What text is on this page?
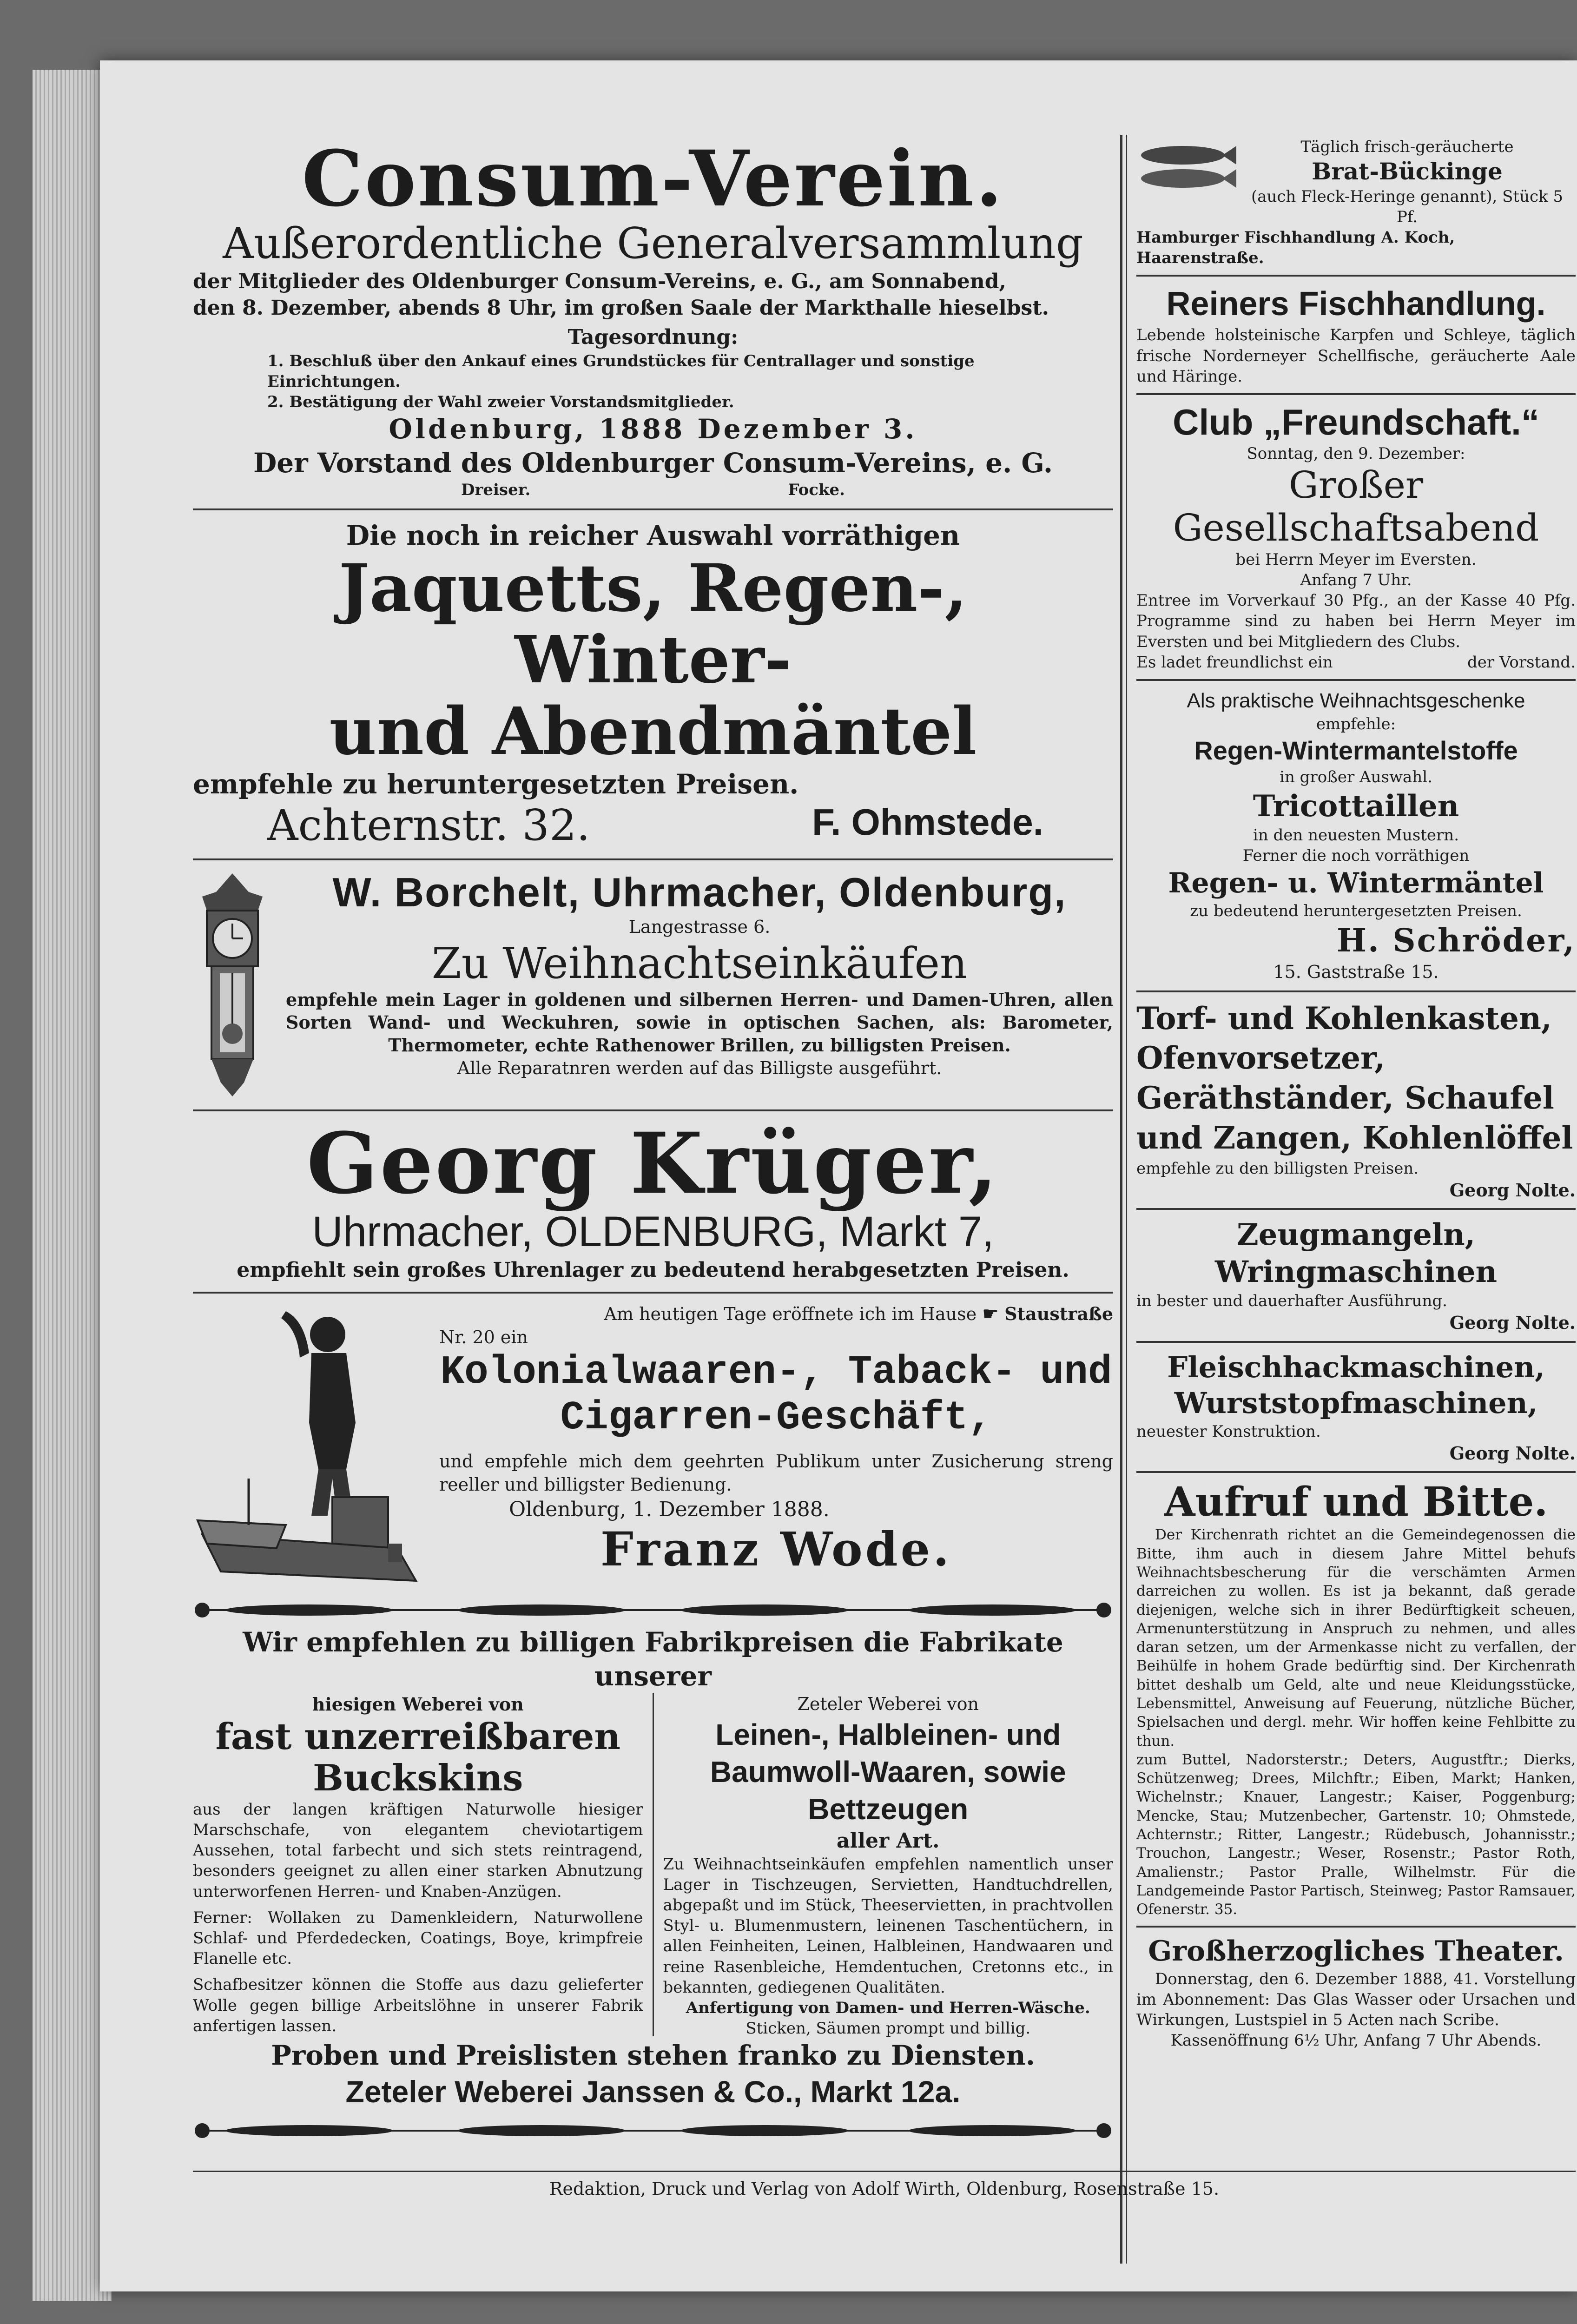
Consum-Verein.
Außerordentliche Generalversammlung
der Mitglieder des Oldenburger Consum-Vereins, e. G., am Sonnabend,
den 8. Dezember, abends 8 Uhr, im großen Saale der Markthalle hieselbst.
Tagesordnung:
1. Beschluß über den Ankauf eines Grundstückes für Centrallager und sonstige Einrichtungen.
2. Bestätigung der Wahl zweier Vorstandsmitglieder.
Oldenburg, 1888 Dezember 3.
Der Vorstand des Oldenburger Consum-Vereins, e. G.
Dreiser.	Focke.
Die noch in reicher Auswahl vorräthigen
Jaquetts, Regen-, Winter-
und Abendmäntel
empfehle zu heruntergesetzten Preisen.
Achternstr. 32.	F. Ohmstede.
W. Borchelt, Uhrmacher, Oldenburg,
Langestrasse 6.
Zu Weihnachtseinkäufen
empfehle mein Lager in goldenen und silbernen Herren- und Damen-Uhren, allen Sorten Wand- und Weckuhren, sowie in optischen Sachen, als: Barometer, Thermometer, echte Rathenower Brillen, zu billigsten Preisen.
Alle Reparatnren werden auf das Billigste ausgeführt.
Georg Krüger,
Uhrmacher, OLDENBURG, Markt 7,
empfiehlt sein großes Uhrenlager zu bedeutend herabgesetzten Preisen.
Am heutigen Tage eröffnete ich im Hause ☛ Staustraße
Nr. 20 ein
Kolonialwaaren-, Taback- und
Cigarren-Geschäft,
und empfehle mich dem geehrten Publikum unter Zusicherung streng reeller und billigster Bedienung.
Oldenburg, 1. Dezember 1888.
Franz Wode.
Wir empfehlen zu billigen Fabrikpreisen die Fabrikate unserer
hiesigen Weberei von
fast unzerreißbaren Buckskins
aus der langen kräftigen Naturwolle hiesiger Marschschafe, von elegantem cheviotartigem Aussehen, total farbecht und sich stets reintragend, besonders geeignet zu allen einer starken Abnutzung unterworfenen Herren- und Knaben-Anzügen.
Ferner: Wollaken zu Damenkleidern, Naturwollene Schlaf- und Pferdedecken, Coatings, Boye, krimpfreie Flanelle etc.
Schafbesitzer können die Stoffe aus dazu gelieferter Wolle gegen billige Arbeitslöhne in unserer Fabrik anfertigen lassen.
Zeteler Weberei von
Leinen-, Halbleinen- und Baumwoll-Waaren, sowie Bettzeugen
aller Art.
Zu Weihnachtseinkäufen empfehlen namentlich unser Lager in Tischzeugen, Servietten, Handtuchdrellen, abgepaßt und im Stück, Theeservietten, in prachtvollen Styl- u. Blumenmustern, leinenen Taschentüchern, in allen Feinheiten, Leinen, Halbleinen, Handwaaren und reine Rasenbleiche, Hemdentuchen, Cretonns etc., in bekannten, gediegenen Qualitäten.
Anfertigung von Damen- und Herren-Wäsche.
Sticken, Säumen prompt und billig.
Proben und Preislisten stehen franko zu Diensten.
Zeteler Weberei Janssen & Co., Markt 12a.
Täglich frisch-geräucherte
Brat-Bückinge
(auch Fleck-Heringe genannt), Stück 5 Pf.
Hamburger Fischhandlung A. Koch, Haarenstraße.
Reiners Fischhandlung.
Lebende holsteinische Karpfen und Schleye, täglich frische Norderneyer Schellfische, geräucherte Aale und Häringe.
Club „Freundschaft.“
Sonntag, den 9. Dezember:
Großer Gesellschaftsabend
bei Herrn Meyer im Eversten.
Anfang 7 Uhr.
Entree im Vorverkauf 30 Pfg., an der Kasse 40 Pfg. Programme sind zu haben bei Herrn Meyer im Eversten und bei Mitgliedern des Clubs.
Es ladet freundlichst ein	der Vorstand.
Als praktische Weihnachtsgeschenke
empfehle:
Regen-Wintermantelstoffe
in großer Auswahl.
Tricottaillen
in den neuesten Mustern.
Ferner die noch vorräthigen
Regen- u. Wintermäntel
zu bedeutend heruntergesetzten Preisen.
H. Schröder,
15. Gaststraße 15.
Torf- und Kohlenkasten, Ofenvorsetzer, Geräthständer, Schaufel und Zangen, Kohlenlöffel
empfehle zu den billigsten Preisen.
Georg Nolte.
Zeugmangeln, Wringmaschinen
in bester und dauerhafter Ausführung.
Georg Nolte.
Fleischhackmaschinen, Wurststopfmaschinen,
neuester Konstruktion.
Georg Nolte.
Aufruf und Bitte.
Der Kirchenrath richtet an die Gemeindegenossen die Bitte, ihm auch in diesem Jahre Mittel behufs Weihnachtsbescherung für die verschämten Armen darreichen zu wollen. Es ist ja bekannt, daß gerade diejenigen, welche sich in ihrer Bedürftigkeit scheuen, Armenunterstützung in Anspruch zu nehmen, und alles daran setzen, um der Armenkasse nicht zu verfallen, der Beihülfe in hohem Grade bedürftig sind. Der Kirchenrath bittet deshalb um Geld, alte und neue Kleidungsstücke, Lebensmittel, Anweisung auf Feuerung, nützliche Bücher, Spielsachen und dergl. mehr. Wir hoffen keine Fehlbitte zu thun.
zum Buttel, Nadorsterstr.; Deters, Augustftr.; Dierks, Schützenweg; Drees, Milchftr.; Eiben, Markt; Hanken, Wichelnstr.; Knauer, Langestr.; Kaiser, Poggenburg; Mencke, Stau; Mutzenbecher, Gartenstr. 10; Ohmstede, Achternstr.; Ritter, Langestr.; Rüdebusch, Johannisstr.; Trouchon, Langestr.; Weser, Rosenstr.; Pastor Roth, Amalienstr.; Pastor Pralle, Wilhelmstr. Für die Landgemeinde Pastor Partisch, Steinweg; Pastor Ramsauer, Ofenerstr. 35.
Großherzogliches Theater.
Donnerstag, den 6. Dezember 1888, 41. Vorstellung im Abonnement: Das Glas Wasser oder Ursachen und Wirkungen, Lustspiel in 5 Acten nach Scribe.
Kassenöffnung 6½ Uhr, Anfang 7 Uhr Abends.
Redaktion, Druck und Verlag von Adolf Wirth, Oldenburg, Rosenstraße 15.
